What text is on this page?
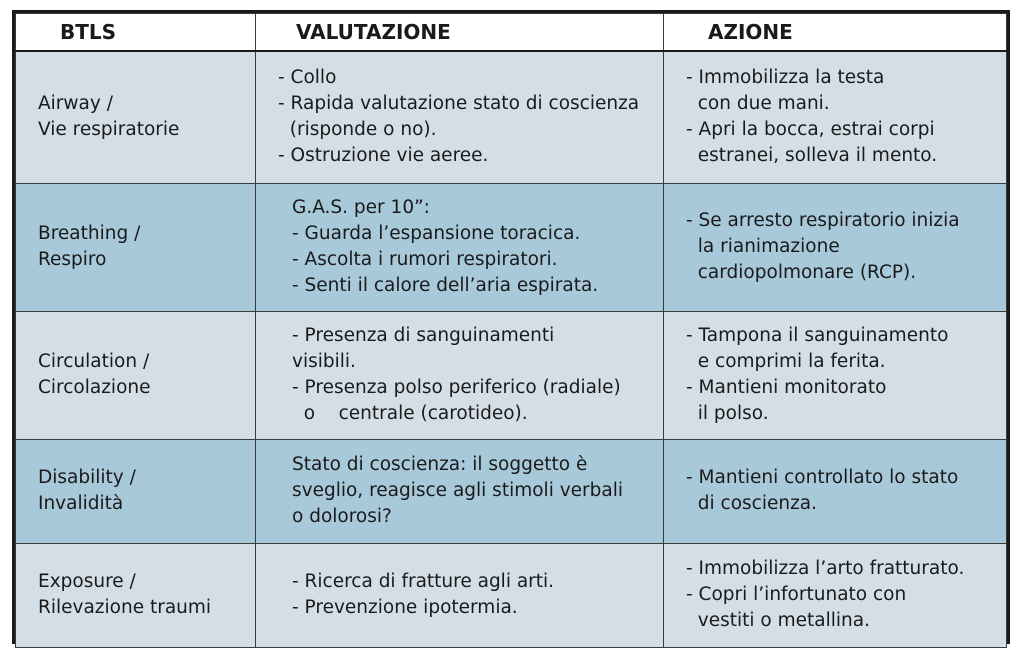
BTLS	VALUTAZIONE	AZIONE

Airway /
Vie respiratorie	- Collo
- Rapida valutazione stato di coscienza
(risponde o no).
- Ostruzione vie aeree.	- Immobilizza la testa
con due mani.
- Apri la bocca, estrai corpi
estranei, solleva il mento.

Breathing /
Respiro	G.A.S. per 10”:
- Guarda l’espansione toracica.
- Ascolta i rumori respiratori.
- Senti il calore dell’aria espirata.	- Se arresto respiratorio inizia
la rianimazione
cardiopolmonare (RCP).

Circulation /
Circolazione	- Presenza di sanguinamenti
visibili.
- Presenza polso periferico (radiale)
o    centrale (carotideo).	- Tampona il sanguinamento
e comprimi la ferita.
- Mantieni monitorato
il polso.

Disability /
Invalidità	Stato di coscienza: il soggetto è
sveglio, reagisce agli stimoli verbali
o dolorosi?	- Mantieni controllato lo stato
di coscienza.

Exposure /
Rilevazione traumi	- Ricerca di fratture agli arti.
- Prevenzione ipotermia.	- Immobilizza l’arto fratturato.
- Copri l’infortunato con
vestiti o metallina.
